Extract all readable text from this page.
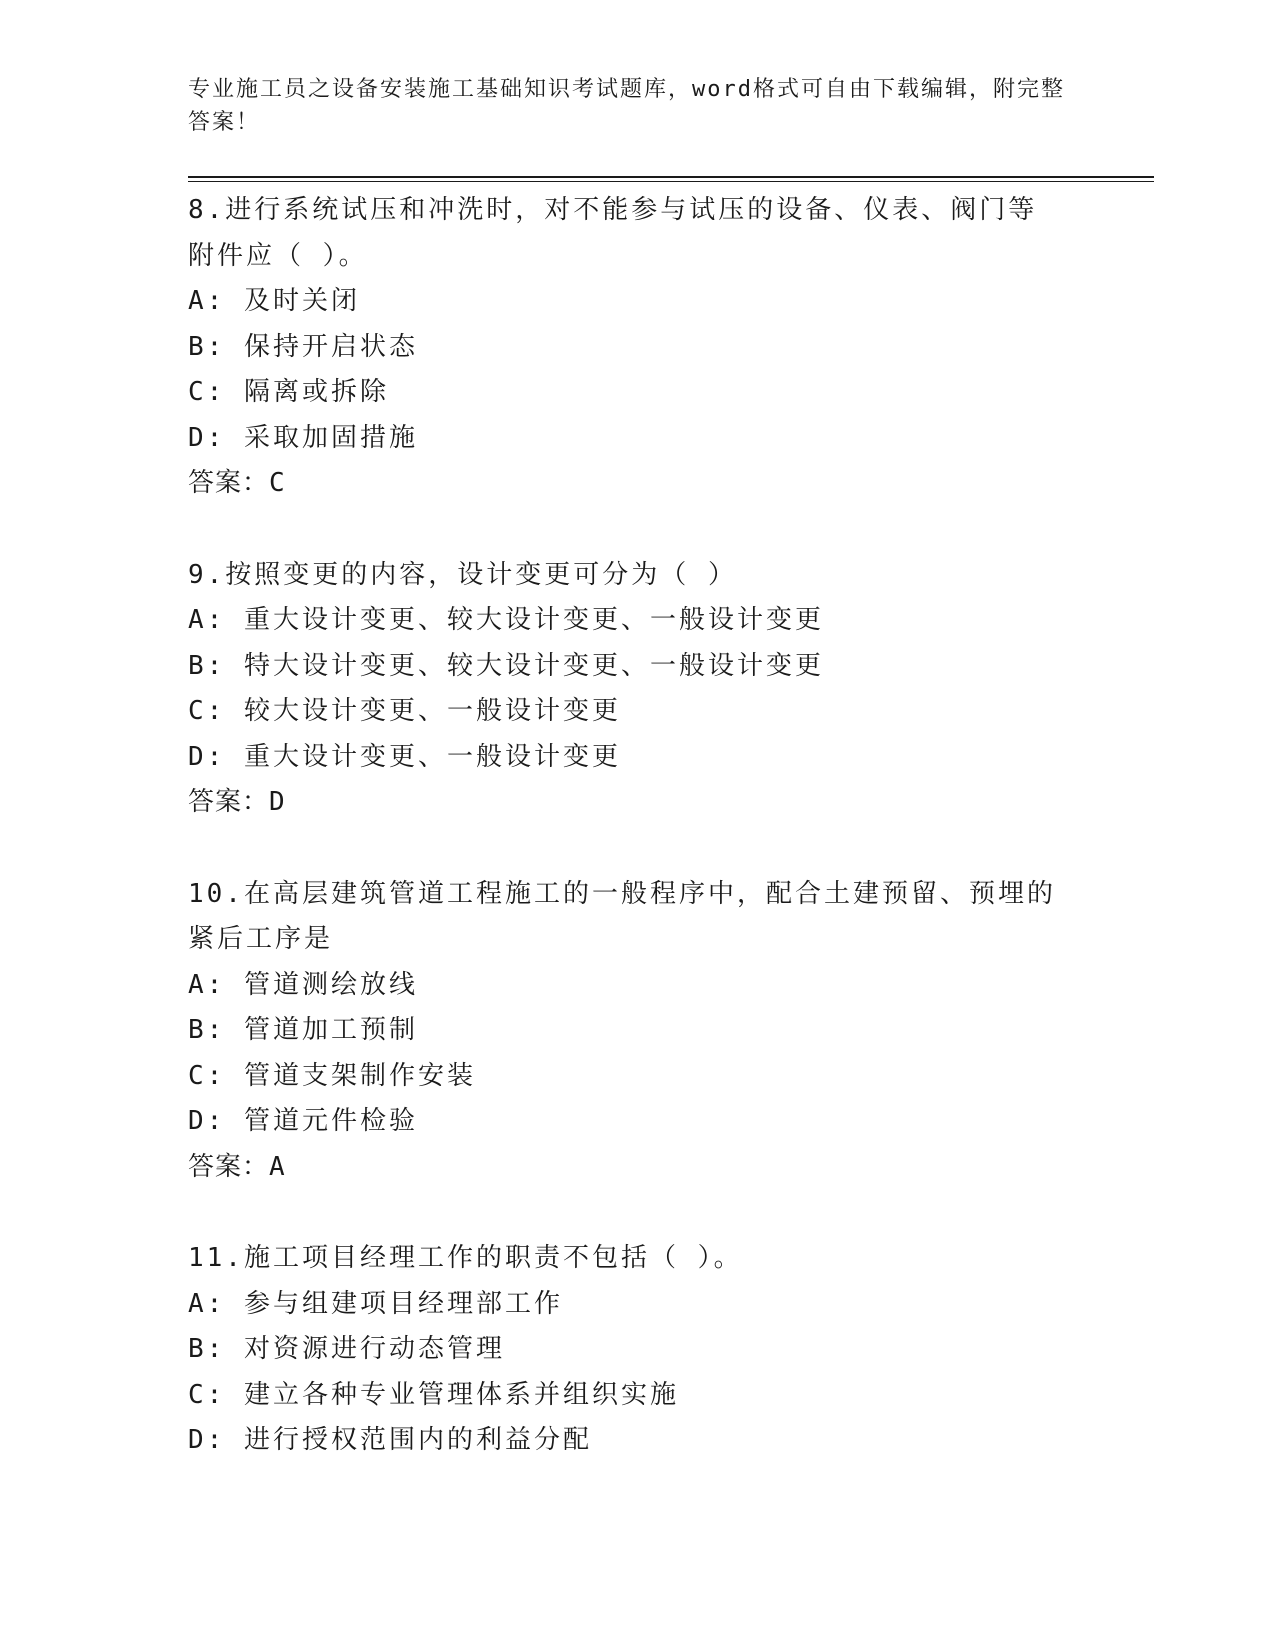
专业施工员之设备安装施工基础知识考试题库，word格式可自由下载编辑，附完整答案！
8.进行系统试压和冲洗时，对不能参与试压的设备、仪表、阀门等附件应（ ）。
A: 及时关闭
B: 保持开启状态
C: 隔离或拆除
D: 采取加固措施
答案：C
9.按照变更的内容，设计变更可分为（ ）
A: 重大设计变更、较大设计变更、一般设计变更
B: 特大设计变更、较大设计变更、一般设计变更
C: 较大设计变更、一般设计变更
D: 重大设计变更、一般设计变更
答案：D
10.在高层建筑管道工程施工的一般程序中，配合土建预留、预埋的紧后工序是
A: 管道测绘放线
B: 管道加工预制
C: 管道支架制作安装
D: 管道元件检验
答案：A
11.施工项目经理工作的职责不包括（ ）。
A: 参与组建项目经理部工作
B: 对资源进行动态管理
C: 建立各种专业管理体系并组织实施
D: 进行授权范围内的利益分配
